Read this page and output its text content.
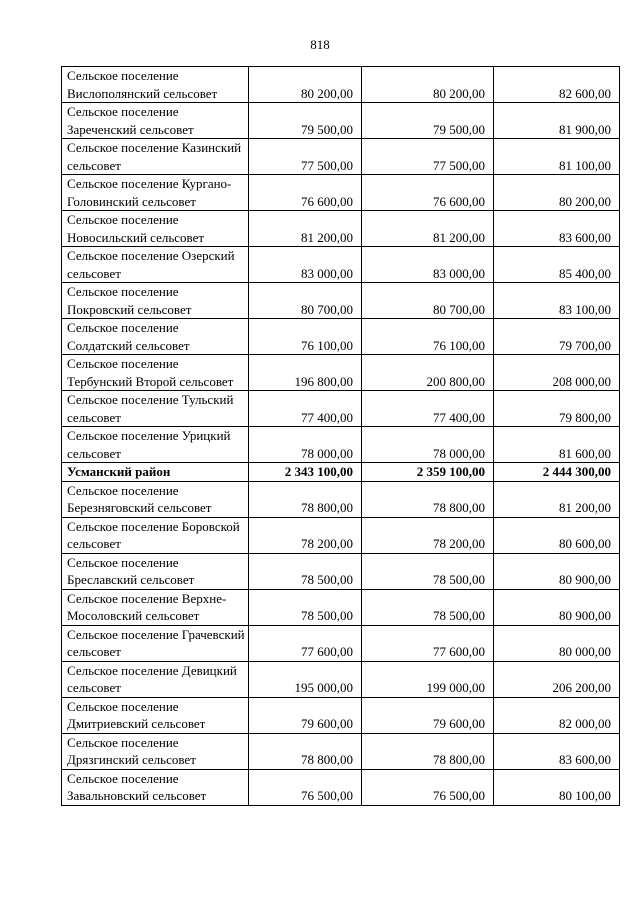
818
Сельское поселение Вислополянский сельсовет	80 200,00	80 200,00	82 600,00
Сельское поселение Зареченский сельсовет	79 500,00	79 500,00	81 900,00
Сельское поселение Казинский сельсовет	77 500,00	77 500,00	81 100,00
Сельское поселение Кургано-Головинский сельсовет	76 600,00	76 600,00	80 200,00
Сельское поселение Новосильский сельсовет	81 200,00	81 200,00	83 600,00
Сельское поселение Озерский сельсовет	83 000,00	83 000,00	85 400,00
Сельское поселение Покровский сельсовет	80 700,00	80 700,00	83 100,00
Сельское поселение Солдатский сельсовет	76 100,00	76 100,00	79 700,00
Сельское поселение Тербунский Второй сельсовет	196 800,00	200 800,00	208 000,00
Сельское поселение Тульский сельсовет	77 400,00	77 400,00	79 800,00
Сельское поселение Урицкий сельсовет	78 000,00	78 000,00	81 600,00
Усманский район	2 343 100,00	2 359 100,00	2 444 300,00
Сельское поселение Березняговский сельсовет	78 800,00	78 800,00	81 200,00
Сельское поселение Боровской сельсовет	78 200,00	78 200,00	80 600,00
Сельское поселение Бреславский сельсовет	78 500,00	78 500,00	80 900,00
Сельское поселение Верхне-Мосоловский сельсовет	78 500,00	78 500,00	80 900,00
Сельское поселение Грачевский сельсовет	77 600,00	77 600,00	80 000,00
Сельское поселение Девицкий сельсовет	195 000,00	199 000,00	206 200,00
Сельское поселение Дмитриевский сельсовет	79 600,00	79 600,00	82 000,00
Сельское поселение Дрязгинский сельсовет	78 800,00	78 800,00	83 600,00
Сельское поселение Завальновский сельсовет	76 500,00	76 500,00	80 100,00
